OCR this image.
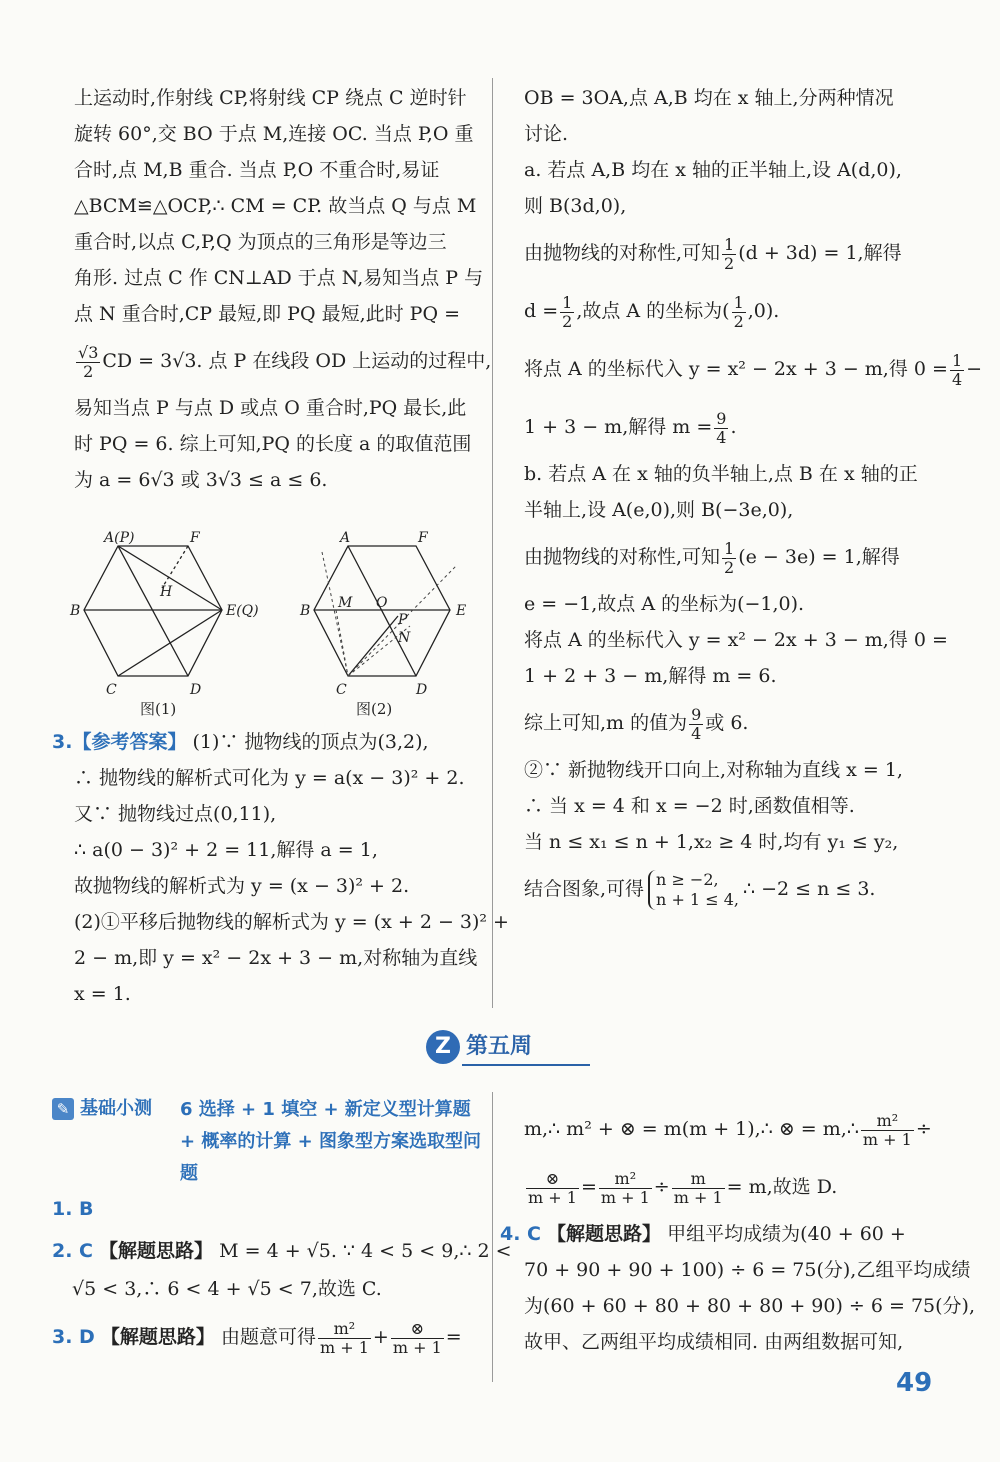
上运动时,作射线 CP,将射线 CP 绕点 C 逆时针

旋转 60°,交 BO 于点 M,连接 OC. 当点 P,O 重

合时,点 M,B 重合. 当点 P,O 不重合时,易证

△BCM≌△OCP,∴ CM = CP. 故当点 Q 与点 M

重合时,以点 C,P,Q 为顶点的三角形是等边三

角形. 过点 C 作 CN⊥AD 于点 N,易知当点 P 与

点 N 重合时,CP 最短,即 PQ 最短,此时 PQ =

$\frac{√3}{2}$ CD = 3√3. 点 P 在线段 OD 上运动的过程中,

易知当点 P 与点 D 或点 O 重合时,PQ 最长,此

时 PQ = 6. 综上可知,PQ 的长度 a 的取值范围

为 a = 6√3 或 3√3 ≤ a ≤ 6.

A(P)	F
B	E(Q)
C	D
H
图(1)
A	F
B	E
C	D
M O
P
N
图(2)

3.【参考答案】 (1)∵ 抛物线的顶点为(3,2),

∴ 抛物线的解析式可化为 y = a(x − 3)² + 2.

又∵ 抛物线过点(0,11),

∴ a(0 − 3)² + 2 = 11,解得 a = 1,

故抛物线的解析式为 y = (x − 3)² + 2.

(2)①平移后抛物线的解析式为 y = (x + 2 − 3)² +

2 − m,即 y = x² − 2x + 3 − m,对称轴为直线

x = 1.

OB = 3OA,点 A,B 均在 x 轴上,分两种情况

讨论.

a. 若点 A,B 均在 x 轴的正半轴上,设 A(d,0),

则 B(3d,0),

由抛物线的对称性,可知 $\frac{1}{2} (d + 3d) = 1$,解得

$d = \frac{1}{2}$ ,故点 A 的坐标为( $\frac{1}{2} ,0$).

将点 A 的坐标代入 y = x² − 2x + 3 − m,得 $0 = \frac{1}{4}$ −

1 + 3 − m,解得 $m = \frac{9}{4}$ .

b. 若点 A 在 x 轴的负半轴上,点 B 在 x 轴的正

半轴上,设 A(e,0),则 B(−3e,0),

由抛物线的对称性,可知 $\frac{1}{2} (e - 3e) = 1$,解得

e = −1,故点 A 的坐标为(−1,0).

将点 A 的坐标代入 y = x² − 2x + 3 − m,得 0 =

1 + 2 + 3 − m,解得 m = 6.

综上可知,m 的值为 $\frac{9}{4}$ 或 6.

②∵ 新抛物线开口向上,对称轴为直线 x = 1,

∴ 当 x = 4 和 x = −2 时,函数值相等.

当 n ≤ x₁ ≤ n + 1,x₂ ≥ 4 时,均有 y₁ ≤ y₂,

结合图象,可得 n ≥ −2,
n + 1 ≤ 4, ∴ −2 ≤ n ≤ 3.

Z 第五周
✎ 基础小测 6 选择 + 1 填空 + 新定义型计算题 + 概率的计算 + 图象型方案选取型问题

1. B

2. C 【解题思路】 M = 4 + √5. ∵ 4 < 5 < 9,∴ 2 <

√5 < 3,∴ 6 < 4 + √5 < 7,故选 C.

3. D 【解题思路】 由题意可得 $\frac{\text{m²}}{m + 1} + \frac{\otimes}{m + 1}$ =

m,∴ m² + ⊗ = m(m + 1),∴ ⊗ = m,∴ $\frac{\text{m²}}{m + 1}$ ÷

$\frac{\otimes}{m + 1} = \frac{\text{m²}}{m + 1} \div \frac{m}{m + 1} = m$,故选 D.

4. C 【解题思路】 甲组平均成绩为(40 + 60 +

70 + 90 + 90 + 100) ÷ 6 = 75(分),乙组平均成绩

为(60 + 60 + 80 + 80 + 80 + 90) ÷ 6 = 75(分),

故甲、乙两组平均成绩相同. 由两组数据可知,

49
